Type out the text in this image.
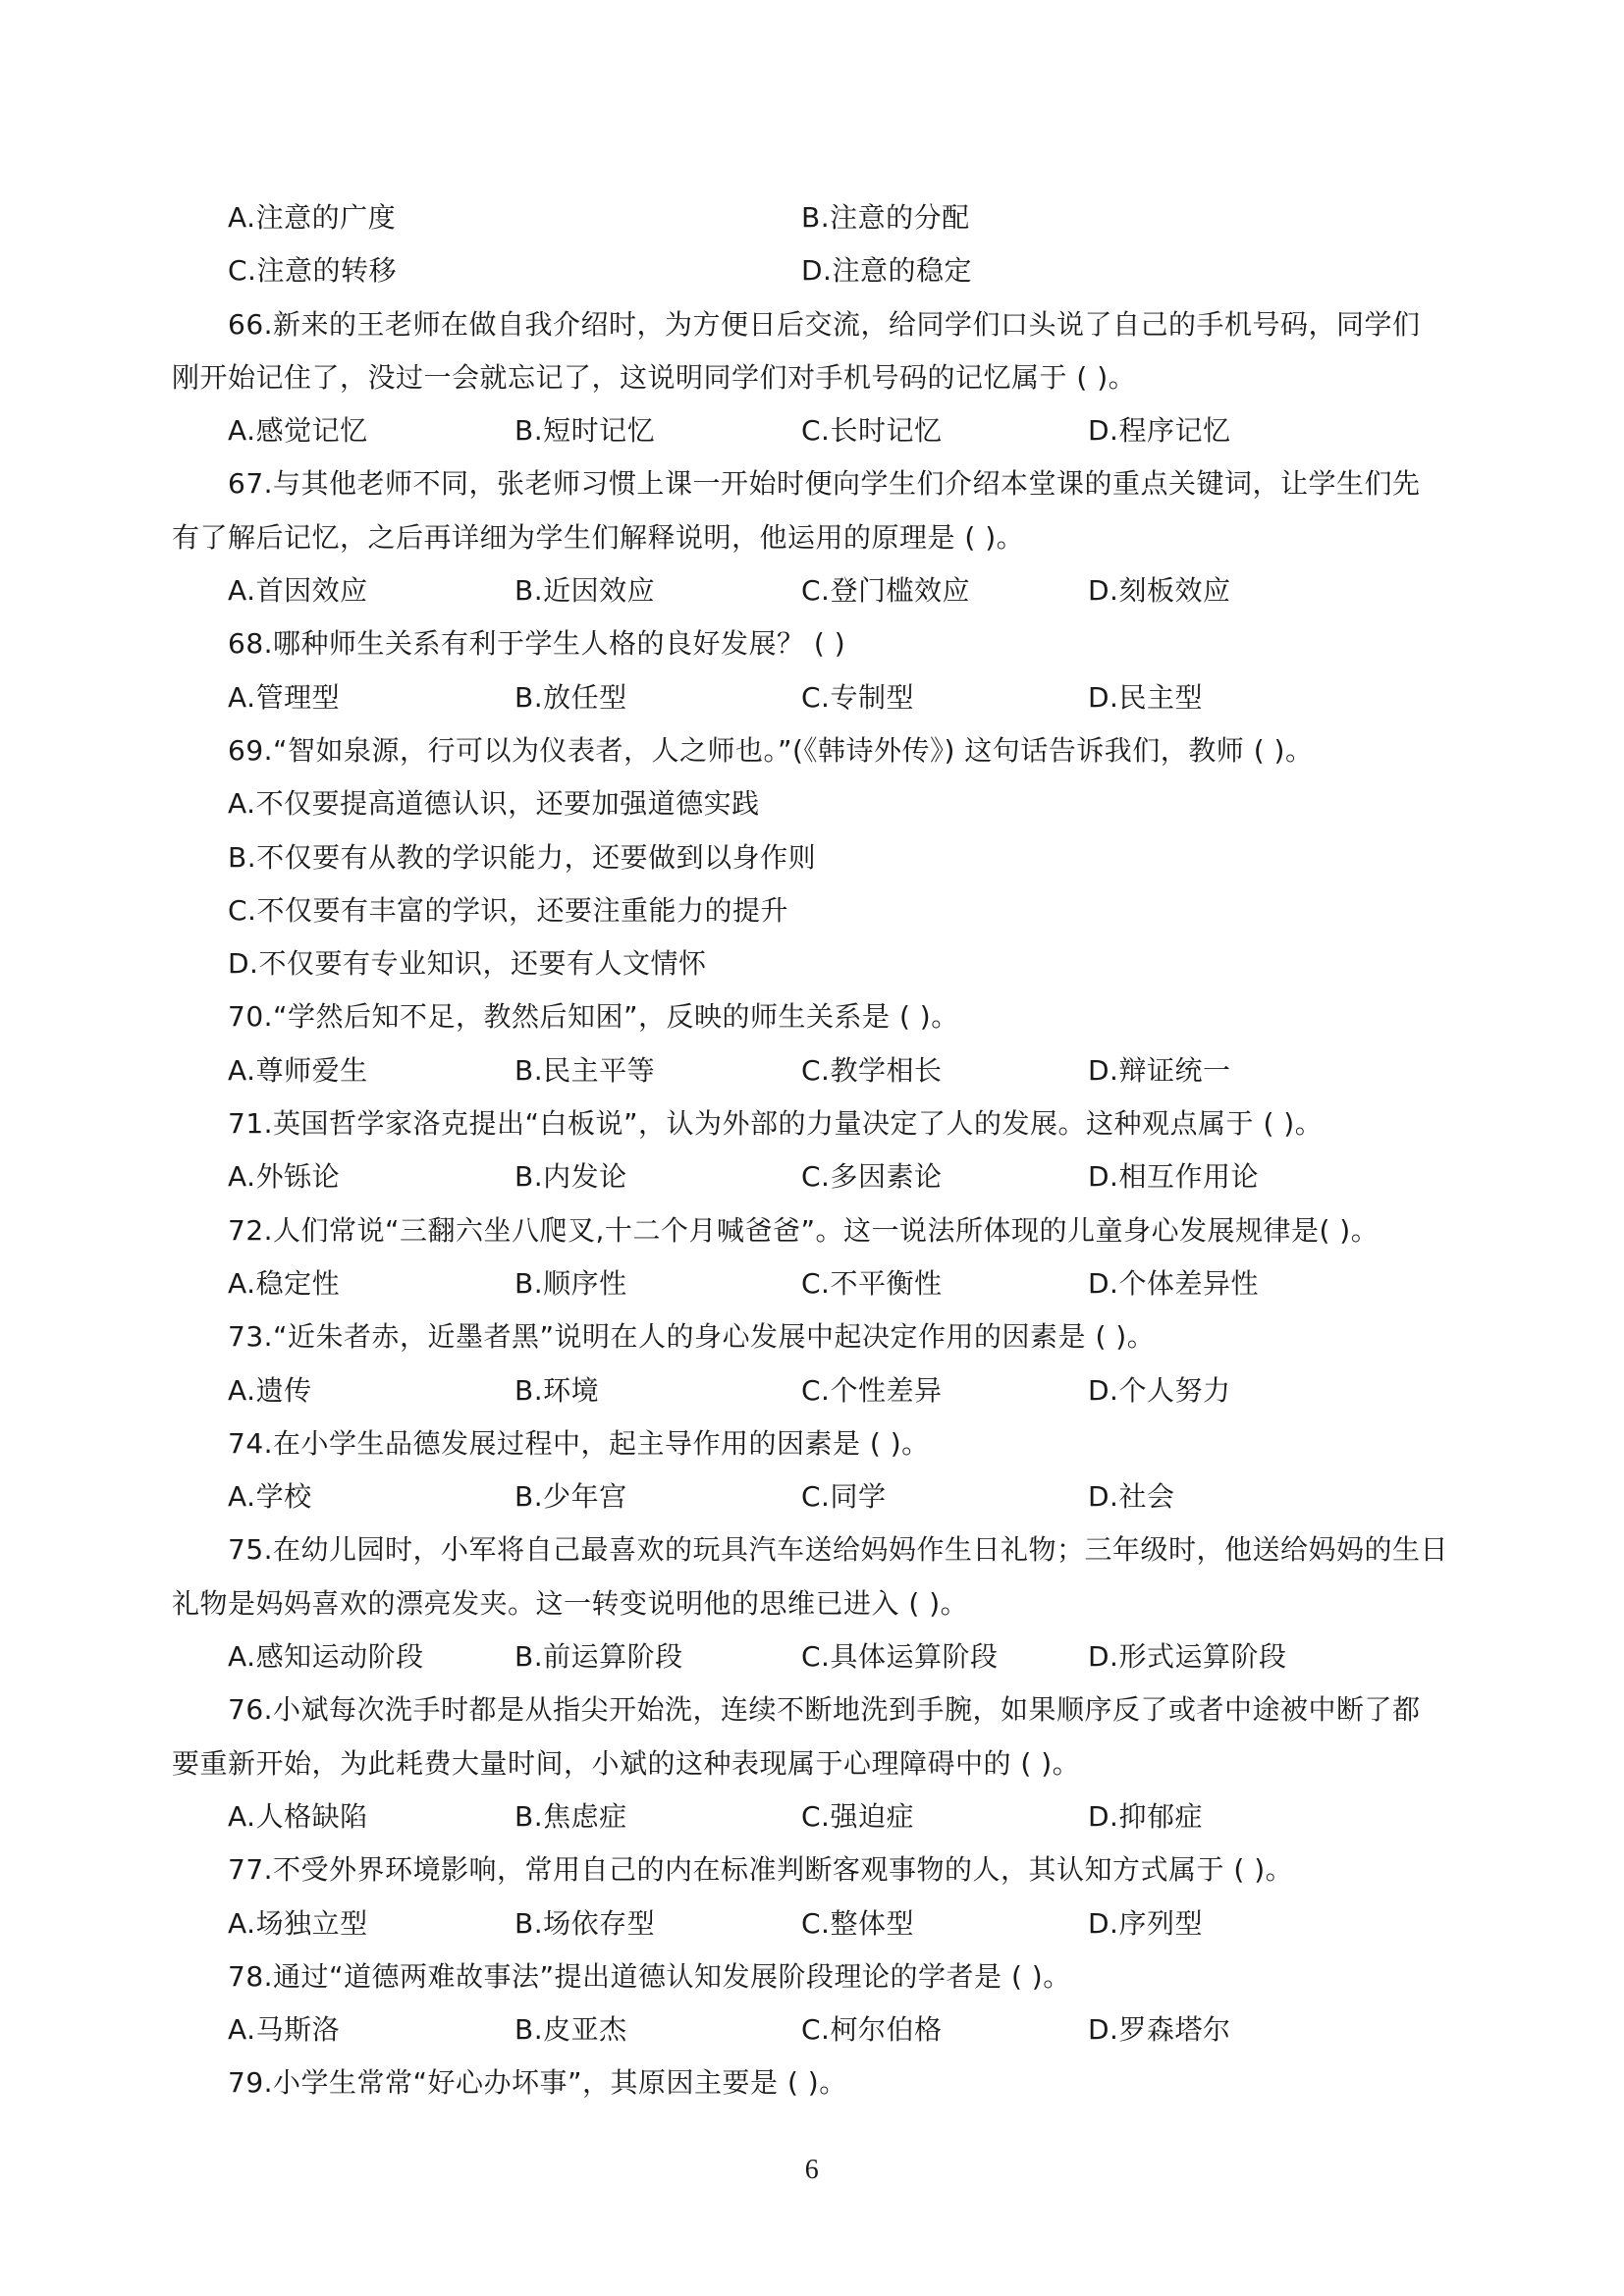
A.注意的广度	B.注意的分配
C.注意的转移	D.注意的稳定
66.新来的王老师在做自我介绍时，为方便日后交流，给同学们口头说了自己的手机号码，同学们
刚开始记住了，没过一会就忘记了，这说明同学们对手机号码的记忆属于 ( )。
A.感觉记忆	B.短时记忆	C.长时记忆	D.程序记忆
67.与其他老师不同，张老师习惯上课一开始时便向学生们介绍本堂课的重点关键词，让学生们先
有了解后记忆，之后再详细为学生们解释说明，他运用的原理是 ( )。
A.首因效应	B.近因效应	C.登门槛效应	D.刻板效应
68.哪种师生关系有利于学生人格的良好发展？ ( )
A.管理型	B.放任型	C.专制型	D.民主型
69.“智如泉源，行可以为仪表者，人之师也。”(《韩诗外传》) 这句话告诉我们，教师 ( )。
A.不仅要提高道德认识，还要加强道德实践
B.不仅要有从教的学识能力，还要做到以身作则
C.不仅要有丰富的学识，还要注重能力的提升
D.不仅要有专业知识，还要有人文情怀
70.“学然后知不足，教然后知困”，反映的师生关系是 ( )。
A.尊师爱生	B.民主平等	C.教学相长	D.辩证统一
71.英国哲学家洛克提出“白板说”，认为外部的力量决定了人的发展。这种观点属于 ( )。
A.外铄论	B.内发论	C.多因素论	D.相互作用论
72.人们常说“三翻六坐八爬叉,十二个月喊爸爸”。这一说法所体现的儿童身心发展规律是( )。
A.稳定性	B.顺序性	C.不平衡性	D.个体差异性
73.“近朱者赤，近墨者黑”说明在人的身心发展中起决定作用的因素是 ( )。
A.遗传	B.环境	C.个性差异	D.个人努力
74.在小学生品德发展过程中，起主导作用的因素是 ( )。
A.学校	B.少年宫	C.同学	D.社会
75.在幼儿园时，小军将自己最喜欢的玩具汽车送给妈妈作生日礼物；三年级时，他送给妈妈的生日
礼物是妈妈喜欢的漂亮发夹。这一转变说明他的思维已进入 ( )。
A.感知运动阶段	B.前运算阶段	C.具体运算阶段	D.形式运算阶段
76.小斌每次洗手时都是从指尖开始洗，连续不断地洗到手腕，如果顺序反了或者中途被中断了都
要重新开始，为此耗费大量时间，小斌的这种表现属于心理障碍中的 ( )。
A.人格缺陷	B.焦虑症	C.强迫症	D.抑郁症
77.不受外界环境影响，常用自己的内在标准判断客观事物的人，其认知方式属于 ( )。
A.场独立型	B.场依存型	C.整体型	D.序列型
78.通过“道德两难故事法”提出道德认知发展阶段理论的学者是 ( )。
A.马斯洛	B.皮亚杰	C.柯尔伯格	D.罗森塔尔
79.小学生常常“好心办坏事”，其原因主要是 ( )。
6
